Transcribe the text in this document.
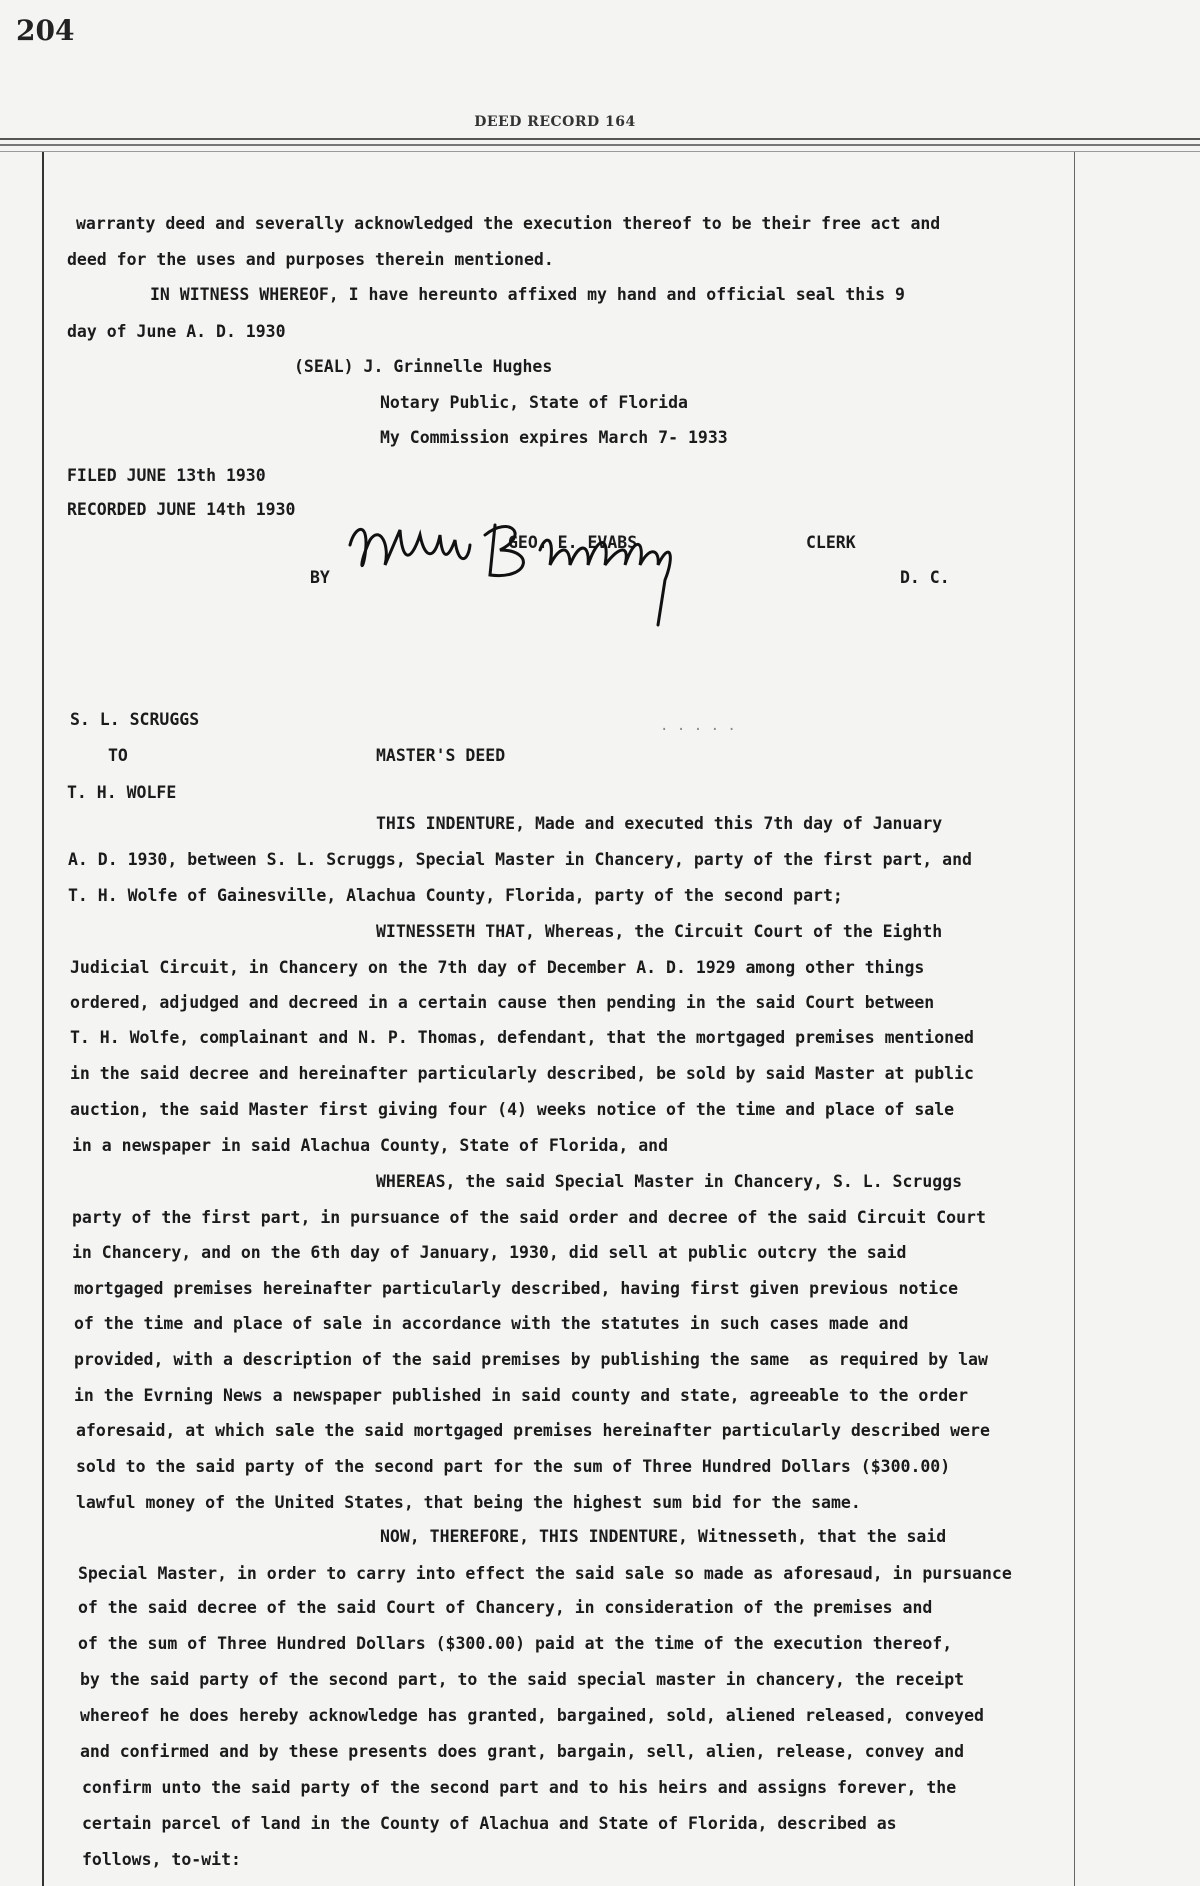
204
DEED RECORD 164
warranty deed and severally acknowledged the execution thereof to be their free act and
deed for the uses and purposes therein mentioned.
IN WITNESS WHEREOF, I have hereunto affixed my hand and official seal this 9
day of June A. D. 1930
(SEAL) J. Grinnelle Hughes
Notary Public, State of Florida
My Commission expires March 7- 1933
FILED JUNE 13th 1930
RECORDED JUNE 14th 1930
GEO. E. EVABS	CLERK
BY	D. C.
S. L. SCRUGGS
TO	MASTER'S DEED
T. H. WOLFE
· · · · ·
THIS INDENTURE, Made and executed this 7th day of January
A. D. 1930, between S. L. Scruggs, Special Master in Chancery, party of the first part, and
T. H. Wolfe of Gainesville, Alachua County, Florida, party of the second part;
WITNESSETH THAT, Whereas, the Circuit Court of the Eighth
Judicial Circuit, in Chancery on the 7th day of December A. D. 1929 among other things
ordered, adjudged and decreed in a certain cause then pending in the said Court between
T. H. Wolfe, complainant and N. P. Thomas, defendant, that the mortgaged premises mentioned
in the said decree and hereinafter particularly described, be sold by said Master at public
auction, the said Master first giving four (4) weeks notice of the time and place of sale
in a newspaper in said Alachua County, State of Florida, and
WHEREAS, the said Special Master in Chancery, S. L. Scruggs
party of the first part, in pursuance of the said order and decree of the said Circuit Court
in Chancery, and on the 6th day of January, 1930, did sell at public outcry the said
mortgaged premises hereinafter particularly described, having first given previous notice
of the time and place of sale in accordance with the statutes in such cases made and
provided, with a description of the said premises by publishing the same  as required by law
in the Evrning News a newspaper published in said county and state, agreeable to the order
aforesaid, at which sale the said mortgaged premises hereinafter particularly described were
sold to the said party of the second part for the sum of Three Hundred Dollars ($300.00)
lawful money of the United States, that being the highest sum bid for the same.
NOW, THEREFORE, THIS INDENTURE, Witnesseth, that the said
Special Master, in order to carry into effect the said sale so made as aforesaud, in pursuance
of the said decree of the said Court of Chancery, in consideration of the premises and
of the sum of Three Hundred Dollars ($300.00) paid at the time of the execution thereof,
by the said party of the second part, to the said special master in chancery, the receipt
whereof he does hereby acknowledge has granted, bargained, sold, aliened released, conveyed
and confirmed and by these presents does grant, bargain, sell, alien, release, convey and
confirm unto the said party of the second part and to his heirs and assigns forever, the
certain parcel of land in the County of Alachua and State of Florida, described as
follows, to-wit:
